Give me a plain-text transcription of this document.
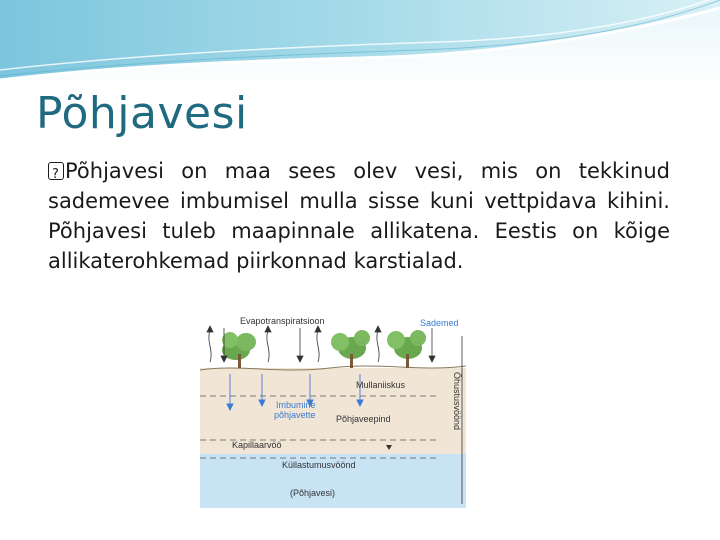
Põhjavesi
?Põhjavesi on maa sees olev vesi, mis on tekkinud sademevee imbumisel mulla sisse kuni vettpidava kihini. Põhjavesi tuleb maapinnale allikatena. Eestis on kõige allikaterohkemad piirkonnad karstialad.
Evapotranspiratsioon	Sademed
Mullaniiskus
Imbumine
põhjavette Põhjaveepind
Kapillaarvöö
Küllastumusvöönd
(Põhjavesi)
Õhustusvöönd
